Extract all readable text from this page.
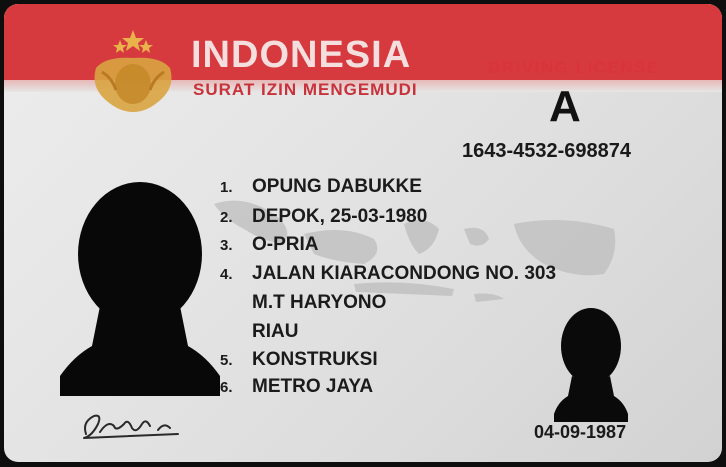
INDONESIA
SURAT IZIN MENGEMUDI
DRIVING LICENSE
A
1643-4532-698874
1. OPUNG DABUKKE
2. DEPOK, 25-03-1980
3. O-PRIA
4. JALAN KIARACONDONG NO. 303
M.T HARYONO
RIAU
5. KONSTRUKSI
6. METRO JAYA
04-09-1987
